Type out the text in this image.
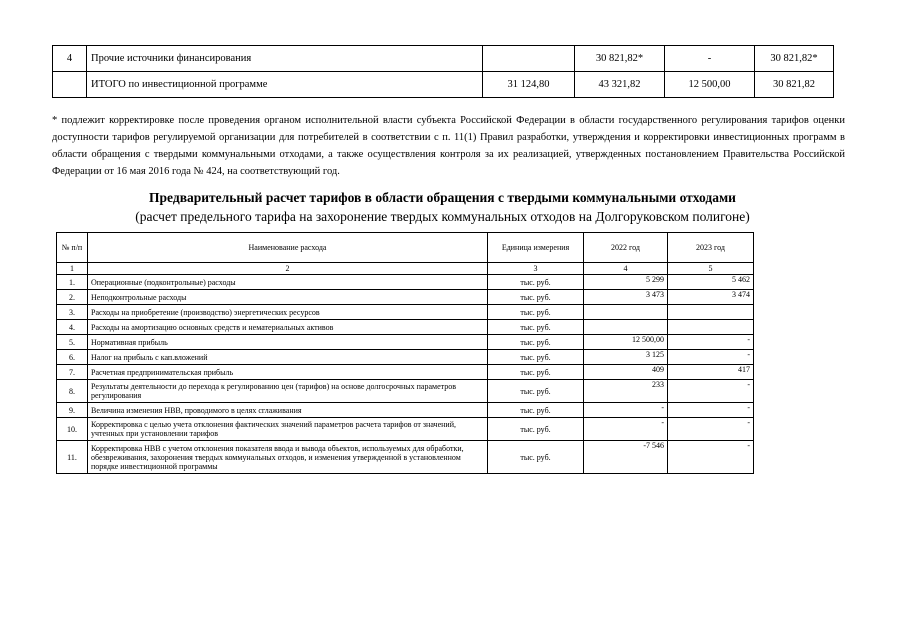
4	Прочие источники финансирования		30 821,82*	-	30 821,82*
	ИТОГО по инвестиционной программе	31 124,80	43 321,82	12 500,00	30 821,82
* подлежит корректировке после проведения органом исполнительной власти субъекта Российской Федерации в области государственного регулирования тарифов оценки доступности тарифов регулируемой организации для потребителей в соответствии с п. 11(1) Правил разработки, утверждения и корректировки инвестиционных программ в области обращения с твердыми коммунальными отходами, а также осуществления контроля за их реализацией, утвержденных постановлением Правительства Российской Федерации от 16 мая 2016 года № 424, на соответствующий год.
Предварительный расчет тарифов в области обращения с твердыми коммунальными отходами
(расчет предельного тарифа на захоронение твердых коммунальных отходов на Долгоруковском полигоне)
№ п/п	Наименование расхода	Единица измерения	2022 год	2023 год
1	2	3	4	5
1.	Операционные (подконтрольные) расходы	тыс. руб.	5 299	5 462
2.	Неподконтрольные расходы	тыс. руб.	3 473	3 474
3.	Расходы на приобретение (производство) энергетических ресурсов	тыс. руб.		
4.	Расходы на амортизацию основных средств и нематериальных активов	тыс. руб.		
5.	Нормативная прибыль	тыс. руб.	12 500,00	-
6.	Налог на прибыль с кап.вложений	тыс. руб.	3 125	-
7.	Расчетная предпринимательская прибыль	тыс. руб.	409	417
8.	Результаты деятельности до перехода к регулированию цен (тарифов) на основе долгосрочных параметров регулирования	тыс. руб.	233	-
9.	Величина изменения НВВ, проводимого в целях сглаживания	тыс. руб.	-	-
10.	Корректировка с целью учета отклонения фактических значений параметров расчета тарифов от значений, учтенных при установлении тарифов	тыс. руб.	-	-
11.	Корректировка НВВ с учетом отклонения показателя ввода и вывода объектов, используемых для обработки, обезвреживания, захоронения твердых коммунальных отходов, и изменения утвержденной в установленном порядке инвестиционной программы	тыс. руб.	-7 546	-
